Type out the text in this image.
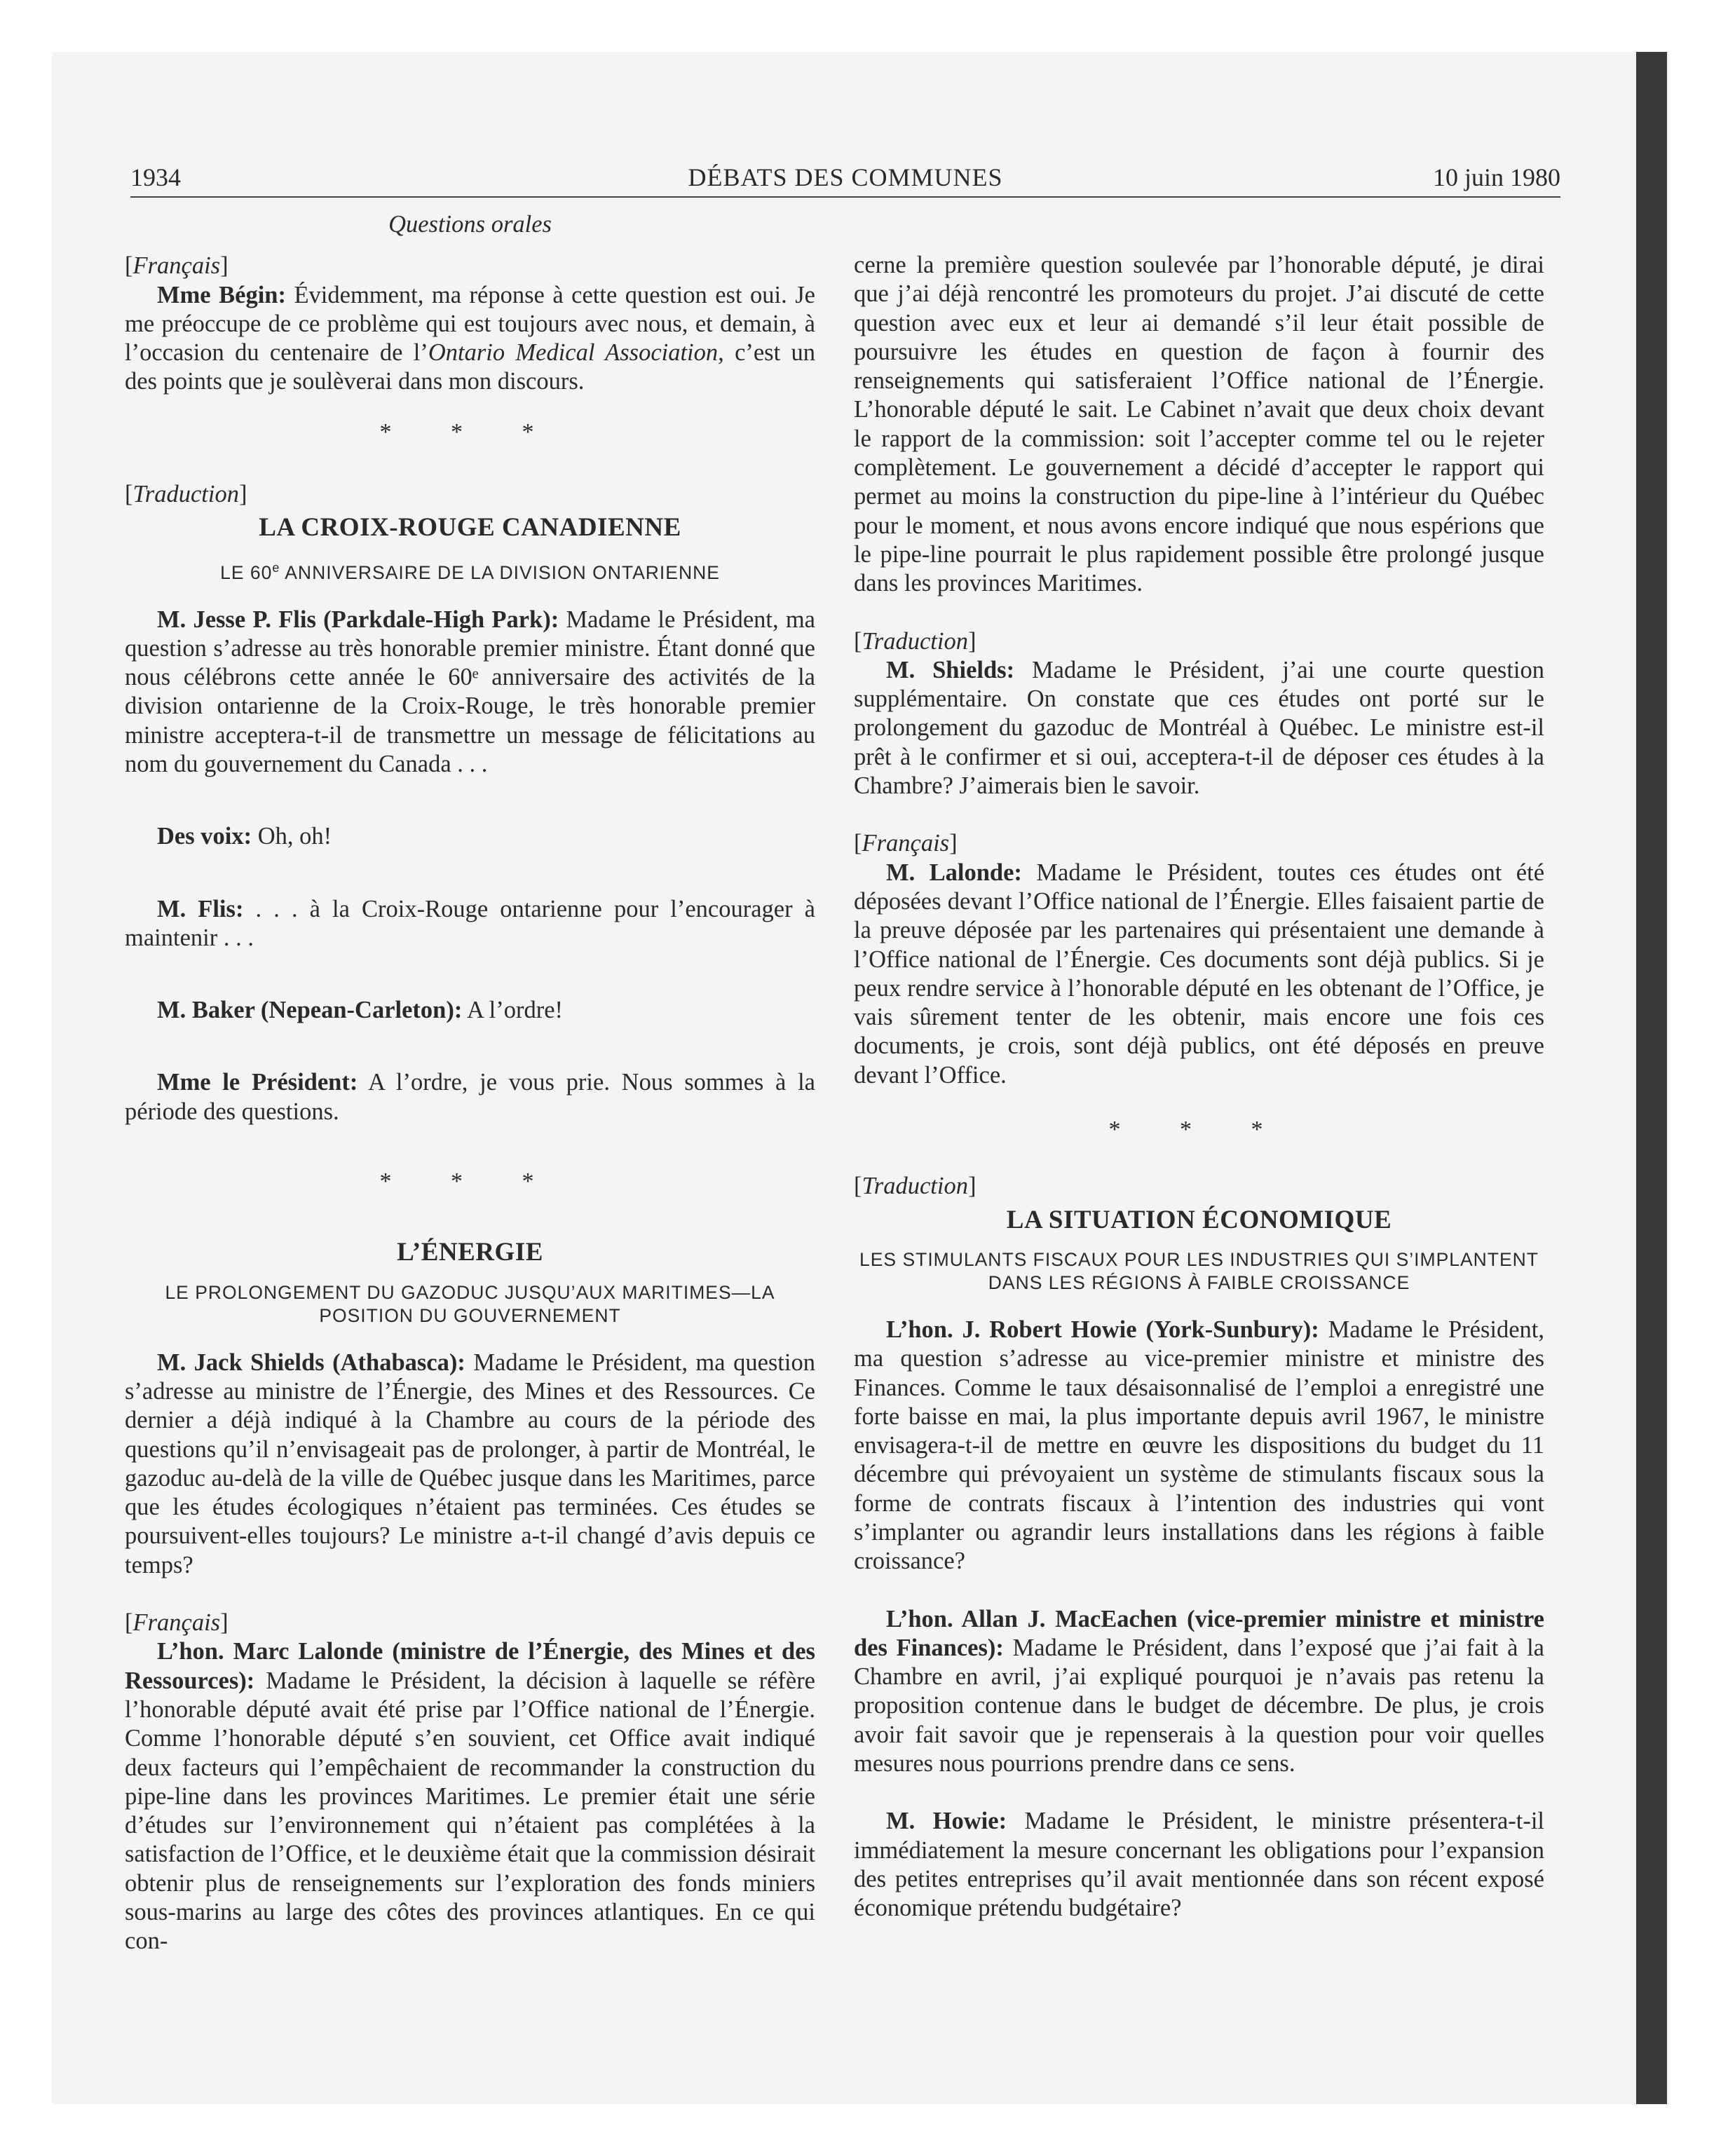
1934	DÉBATS DES COMMUNES	10 juin 1980
Questions orales
[Français]

Mme Bégin: Évidemment, ma réponse à cette question est oui. Je me préoccupe de ce problème qui est toujours avec nous, et demain, à l’occasion du centenaire de l’Ontario Medical Association, c’est un des points que je soulèverai dans mon discours.

* * *
[Traduction]
LA CROIX-ROUGE CANADIENNE
LE 60e ANNIVERSAIRE DE LA DIVISION ONTARIENNE

M. Jesse P. Flis (Parkdale-High Park): Madame le Président, ma question s’adresse au très honorable premier ministre. Étant donné que nous célébrons cette année le 60ᵉ anniversaire des activités de la division ontarienne de la Croix-Rouge, le très honorable premier ministre acceptera-t-il de transmettre un message de félicitations au nom du gouvernement du Canada . . .

Des voix: Oh, oh!

M. Flis: . . . à la Croix-Rouge ontarienne pour l’encourager à maintenir . . .

M. Baker (Nepean-Carleton): A l’ordre!

Mme le Président: A l’ordre, je vous prie. Nous sommes à la période des questions.

* * *
L’ÉNERGIE
LE PROLONGEMENT DU GAZODUC JUSQU’AUX MARITIMES—LA POSITION DU GOUVERNEMENT

M. Jack Shields (Athabasca): Madame le Président, ma question s’adresse au ministre de l’Énergie, des Mines et des Ressources. Ce dernier a déjà indiqué à la Chambre au cours de la période des questions qu’il n’envisageait pas de prolonger, à partir de Montréal, le gazoduc au-delà de la ville de Québec jusque dans les Maritimes, parce que les études écologiques n’étaient pas terminées. Ces études se poursuivent-elles toujours? Le ministre a-t-il changé d’avis depuis ce temps?

[Français]

L’hon. Marc Lalonde (ministre de l’Énergie, des Mines et des Ressources): Madame le Président, la décision à laquelle se réfère l’honorable député avait été prise par l’Office national de l’Énergie. Comme l’honorable député s’en souvient, cet Office avait indiqué deux facteurs qui l’empêchaient de recommander la construction du pipe-line dans les provinces Maritimes. Le premier était une série d’études sur l’environnement qui n’étaient pas complétées à la satisfaction de l’Office, et le deuxième était que la commission désirait obtenir plus de renseignements sur l’exploration des fonds miniers sous-marins au large des côtes des provinces atlantiques. En ce qui con-

cerne la première question soulevée par l’honorable député, je dirai que j’ai déjà rencontré les promoteurs du projet. J’ai discuté de cette question avec eux et leur ai demandé s’il leur était possible de poursuivre les études en question de façon à fournir des renseignements qui satisferaient l’Office national de l’Énergie. L’honorable député le sait. Le Cabinet n’avait que deux choix devant le rapport de la commission: soit l’accepter comme tel ou le rejeter complètement. Le gouvernement a décidé d’accepter le rapport qui permet au moins la construction du pipe-line à l’intérieur du Québec pour le moment, et nous avons encore indiqué que nous espérions que le pipe-line pourrait le plus rapidement possible être prolongé jusque dans les provinces Maritimes.

[Traduction]

M. Shields: Madame le Président, j’ai une courte question supplémentaire. On constate que ces études ont porté sur le prolongement du gazoduc de Montréal à Québec. Le ministre est-il prêt à le confirmer et si oui, acceptera-t-il de déposer ces études à la Chambre? J’aimerais bien le savoir.

[Français]

M. Lalonde: Madame le Président, toutes ces études ont été déposées devant l’Office national de l’Énergie. Elles faisaient partie de la preuve déposée par les partenaires qui présentaient une demande à l’Office national de l’Énergie. Ces documents sont déjà publics. Si je peux rendre service à l’honorable député en les obtenant de l’Office, je vais sûrement tenter de les obtenir, mais encore une fois ces documents, je crois, sont déjà publics, ont été déposés en preuve devant l’Office.

* * *
[Traduction]
LA SITUATION ÉCONOMIQUE
LES STIMULANTS FISCAUX POUR LES INDUSTRIES QUI S’IMPLANTENT DANS LES RÉGIONS À FAIBLE CROISSANCE

L’hon. J. Robert Howie (York-Sunbury): Madame le Président, ma question s’adresse au vice-premier ministre et ministre des Finances. Comme le taux désaisonnalisé de l’emploi a enregistré une forte baisse en mai, la plus importante depuis avril 1967, le ministre envisagera-t-il de mettre en œuvre les dispositions du budget du 11 décembre qui prévoyaient un système de stimulants fiscaux sous la forme de contrats fiscaux à l’intention des industries qui vont s’implanter ou agrandir leurs installations dans les régions à faible croissance?

L’hon. Allan J. MacEachen (vice-premier ministre et ministre des Finances): Madame le Président, dans l’exposé que j’ai fait à la Chambre en avril, j’ai expliqué pourquoi je n’avais pas retenu la proposition contenue dans le budget de décembre. De plus, je crois avoir fait savoir que je repenserais à la question pour voir quelles mesures nous pourrions prendre dans ce sens.

M. Howie: Madame le Président, le ministre présentera-t-il immédiatement la mesure concernant les obligations pour l’expansion des petites entreprises qu’il avait mentionnée dans son récent exposé économique prétendu budgétaire?
